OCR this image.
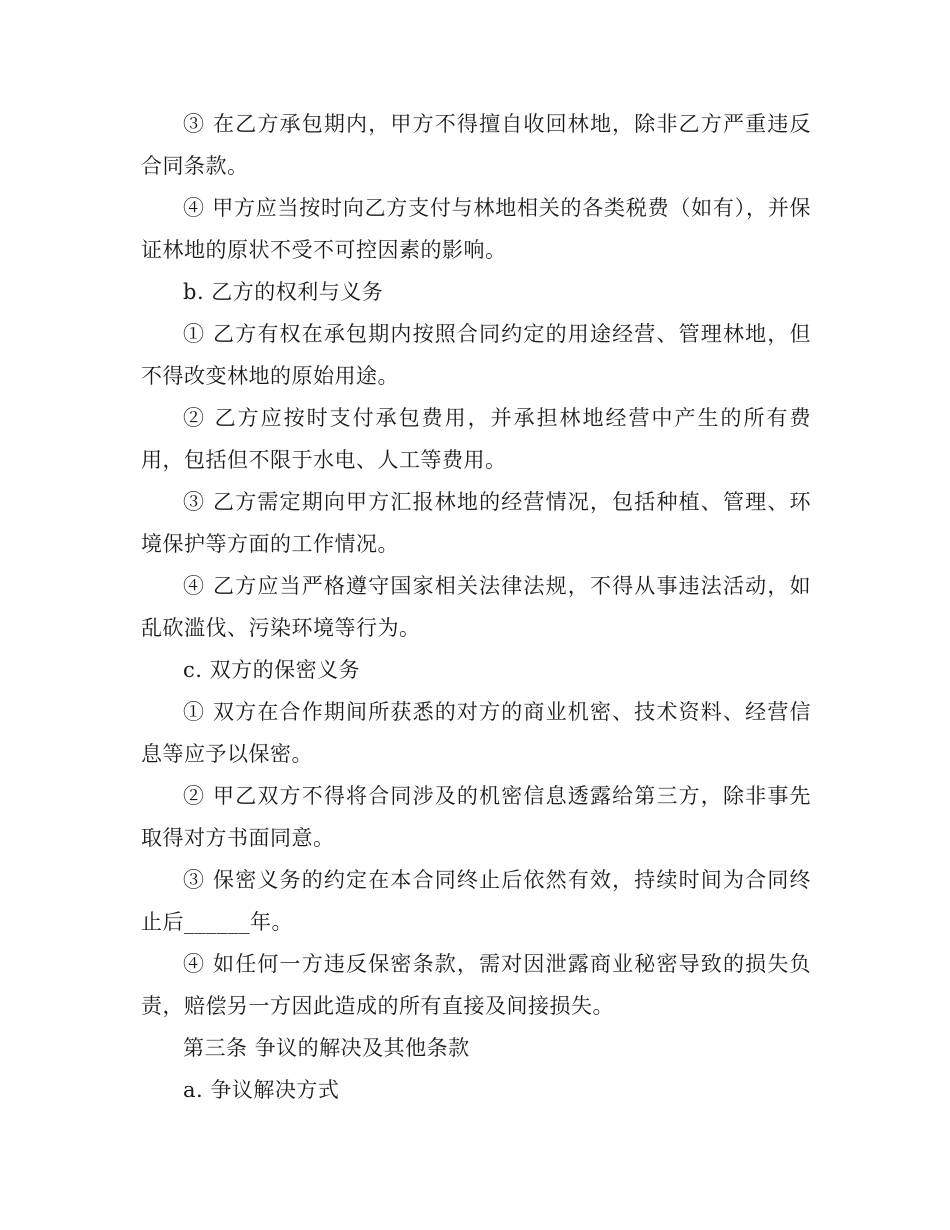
③ 在乙方承包期内，甲方不得擅自收回林地，除非乙方严重违反合同条款。

④ 甲方应当按时向乙方支付与林地相关的各类税费（如有），并保证林地的原状不受不可控因素的影响。

b. 乙方的权利与义务

① 乙方有权在承包期内按照合同约定的用途经营、管理林地，但不得改变林地的原始用途。

② 乙方应按时支付承包费用，并承担林地经营中产生的所有费用，包括但不限于水电、人工等费用。

③ 乙方需定期向甲方汇报林地的经营情况，包括种植、管理、环境保护等方面的工作情况。

④ 乙方应当严格遵守国家相关法律法规，不得从事违法活动，如乱砍滥伐、污染环境等行为。

c. 双方的保密义务

① 双方在合作期间所获悉的对方的商业机密、技术资料、经营信息等应予以保密。

② 甲乙双方不得将合同涉及的机密信息透露给第三方，除非事先取得对方书面同意。

③ 保密义务的约定在本合同终止后依然有效，持续时间为合同终止后______年。

④ 如任何一方违反保密条款，需对因泄露商业秘密导致的损失负责，赔偿另一方因此造成的所有直接及间接损失。

第三条 争议的解决及其他条款

a. 争议解决方式
